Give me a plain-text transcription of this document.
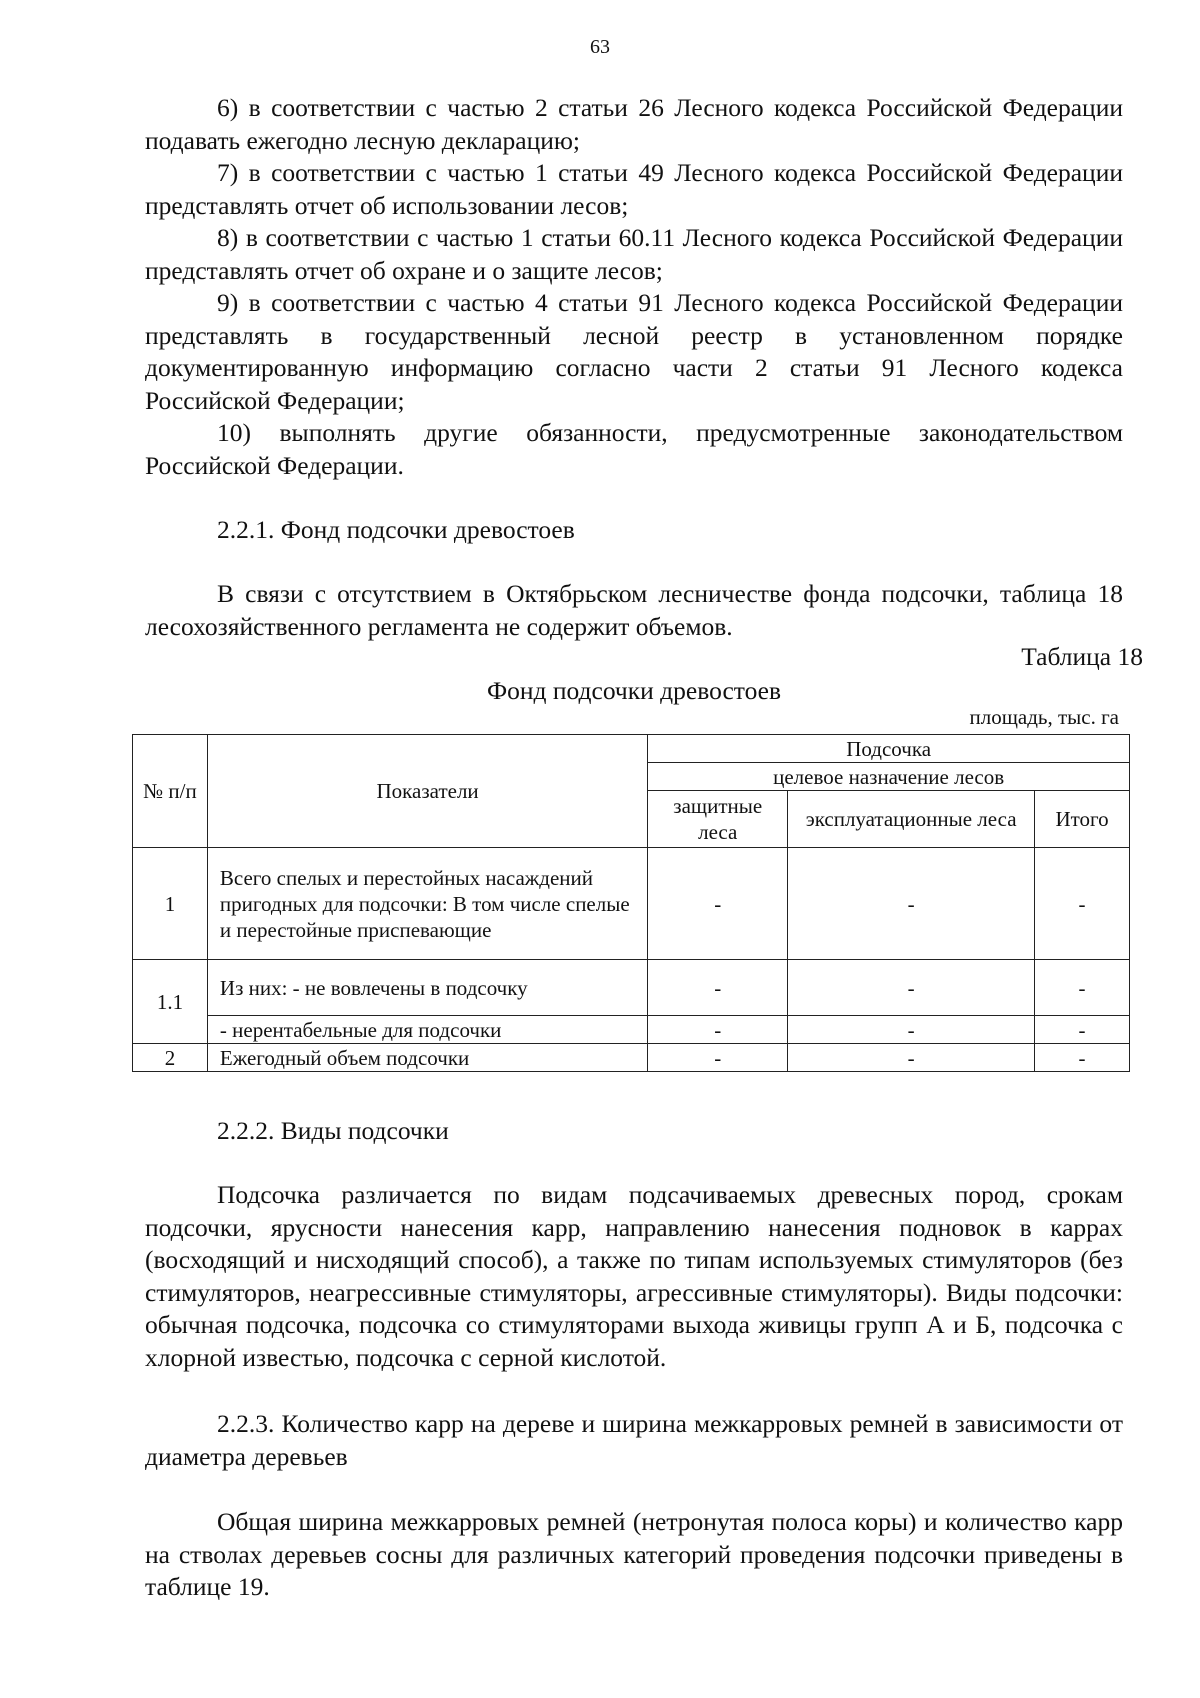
63

6) в соответствии с частью 2 статьи 26 Лесного кодекса Российской Федерации подавать ежегодно лесную декларацию;

7) в соответствии с частью 1 статьи 49 Лесного кодекса Российской Федерации представлять отчет об использовании лесов;

8) в соответствии с частью 1 статьи 60.11 Лесного кодекса Российской Федерации представлять отчет об охране и о защите лесов;

9) в соответствии с частью 4 статьи 91 Лесного кодекса Российской Федерации представлять в государственный лесной реестр в установленном порядке документированную информацию согласно части 2 статьи 91 Лесного кодекса Российской Федерации;

10) выполнять другие обязанности, предусмотренные законодательством Российской Федерации.

2.2.1. Фонд подсочки древостоев

В связи с отсутствием в Октябрьском лесничестве фонда подсочки, таблица 18 лесохозяйственного регламента не содержит объемов.

Таблица 18
Фонд подсочки древостоев
площадь, тыс. га
№ п/п	Показатели	Подсочка		
		целевое назначение лесов		
		защитные леса	эксплуатационные леса	Итого
1	Всего спелых и перестойных насаждений пригодных для подсочки: В том числе спелые и перестойные приспевающие	-	-	-
1.1	Из них: - не вовлечены в подсочку	-	-	-
	- нерентабельные для подсочки	-	-	-
2	Ежегодный объем подсочки	-	-	-

2.2.2. Виды подсочки

Подсочка различается по видам подсачиваемых древесных пород, срокам подсочки, ярусности нанесения карр, направлению нанесения подновок в каррах (восходящий и нисходящий способ), а также по типам используемых стимуляторов (без стимуляторов, неагрессивные стимуляторы, агрессивные стимуляторы). Виды подсочки: обычная подсочка, подсочка со стимуляторами выхода живицы групп А и Б, подсочка с хлорной известью, подсочка с серной кислотой.

2.2.3. Количество карр на дереве и ширина межкарровых ремней в зависимости от диаметра деревьев

Общая ширина межкарровых ремней (нетронутая полоса коры) и количество карр на стволах деревьев сосны для различных категорий проведения подсочки приведены в таблице 19.
